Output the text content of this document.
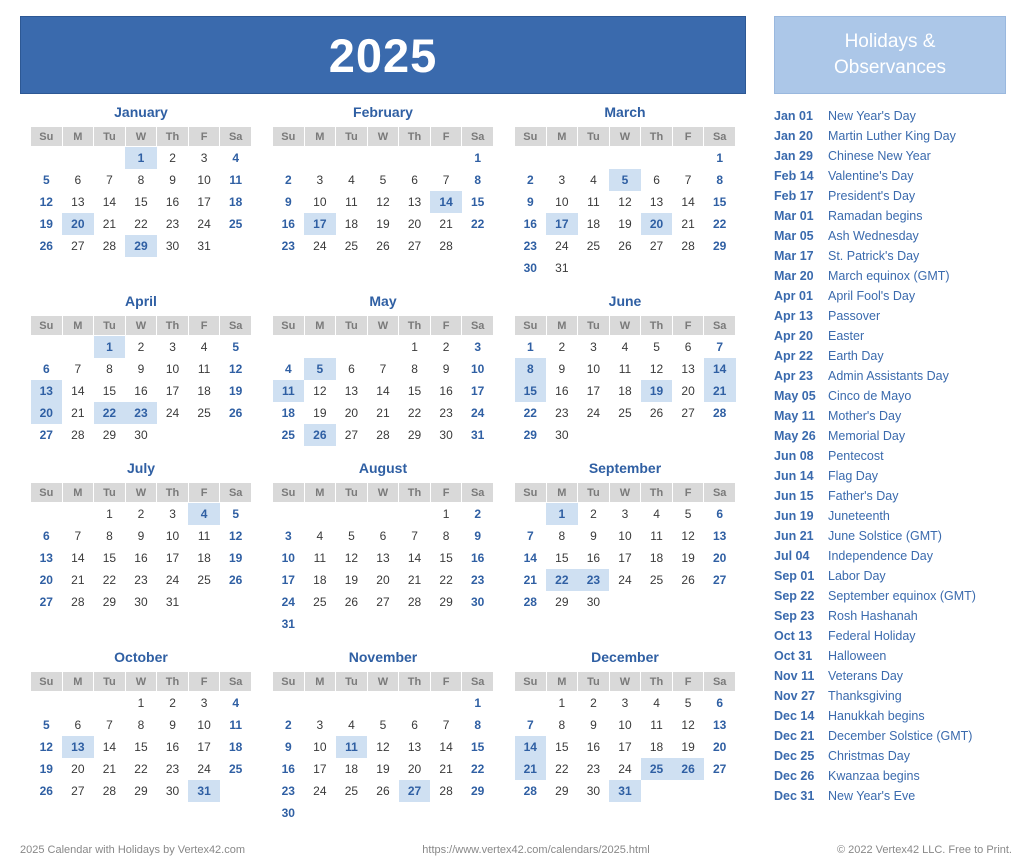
2025	Holidays &
Observances
January
Su	M	Tu	W	Th	F	Sa
			1	2	3	4
5	6	7	8	9	10	11
12	13	14	15	16	17	18
19	20	21	22	23	24	25
26	27	28	29	30	31	
February
Su	M	Tu	W	Th	F	Sa
						1
2	3	4	5	6	7	8
9	10	11	12	13	14	15
16	17	18	19	20	21	22
23	24	25	26	27	28	
March
Su	M	Tu	W	Th	F	Sa
						1
2	3	4	5	6	7	8
9	10	11	12	13	14	15
16	17	18	19	20	21	22
23	24	25	26	27	28	29
30	31					
April
Su	M	Tu	W	Th	F	Sa
		1	2	3	4	5
6	7	8	9	10	11	12
13	14	15	16	17	18	19
20	21	22	23	24	25	26
27	28	29	30			
May
Su	M	Tu	W	Th	F	Sa
				1	2	3
4	5	6	7	8	9	10
11	12	13	14	15	16	17
18	19	20	21	22	23	24
25	26	27	28	29	30	31
June
Su	M	Tu	W	Th	F	Sa
1	2	3	4	5	6	7
8	9	10	11	12	13	14
15	16	17	18	19	20	21
22	23	24	25	26	27	28
29	30					
July
Su	M	Tu	W	Th	F	Sa
		1	2	3	4	5
6	7	8	9	10	11	12
13	14	15	16	17	18	19
20	21	22	23	24	25	26
27	28	29	30	31		
August
Su	M	Tu	W	Th	F	Sa
					1	2
3	4	5	6	7	8	9
10	11	12	13	14	15	16
17	18	19	20	21	22	23
24	25	26	27	28	29	30
31						
September
Su	M	Tu	W	Th	F	Sa
	1	2	3	4	5	6
7	8	9	10	11	12	13
14	15	16	17	18	19	20
21	22	23	24	25	26	27
28	29	30				
October
Su	M	Tu	W	Th	F	Sa
			1	2	3	4
5	6	7	8	9	10	11
12	13	14	15	16	17	18
19	20	21	22	23	24	25
26	27	28	29	30	31	
November
Su	M	Tu	W	Th	F	Sa
						1
2	3	4	5	6	7	8
9	10	11	12	13	14	15
16	17	18	19	20	21	22
23	24	25	26	27	28	29
30						
December
Su	M	Tu	W	Th	F	Sa
	1	2	3	4	5	6
7	8	9	10	11	12	13
14	15	16	17	18	19	20
21	22	23	24	25	26	27
28	29	30	31			
Jan 01	New Year's Day
Jan 20	Martin Luther King Day
Jan 29	Chinese New Year
Feb 14	Valentine's Day
Feb 17	President's Day
Mar 01	Ramadan begins
Mar 05	Ash Wednesday
Mar 17	St. Patrick's Day
Mar 20	March equinox (GMT)
Apr 01	April Fool's Day
Apr 13	Passover
Apr 20	Easter
Apr 22	Earth Day
Apr 23	Admin Assistants Day
May 05 Cinco de Mayo
May 11	Mother's Day
May 26 Memorial Day
Jun 08	Pentecost
Jun 14	Flag Day
Jun 15	Father's Day
Jun 19	Juneteenth
Jun 21	June Solstice (GMT)
Jul 04	Independence Day
Sep 01	Labor Day
Sep 22	September equinox (GMT)
Sep 23	Rosh Hashanah
Oct 13	Federal Holiday
Oct 31	Halloween
Nov 11	Veterans Day
Nov 27	Thanksgiving
Dec 14	Hanukkah begins
Dec 21	December Solstice (GMT)
Dec 25	Christmas Day
Dec 26	Kwanzaa begins
Dec 31	New Year's Eve
2025 Calendar with Holidays by Vertex42.com	https://www.vertex42.com/calendars/2025.html	© 2022 Vertex42 LLC. Free to Print.
